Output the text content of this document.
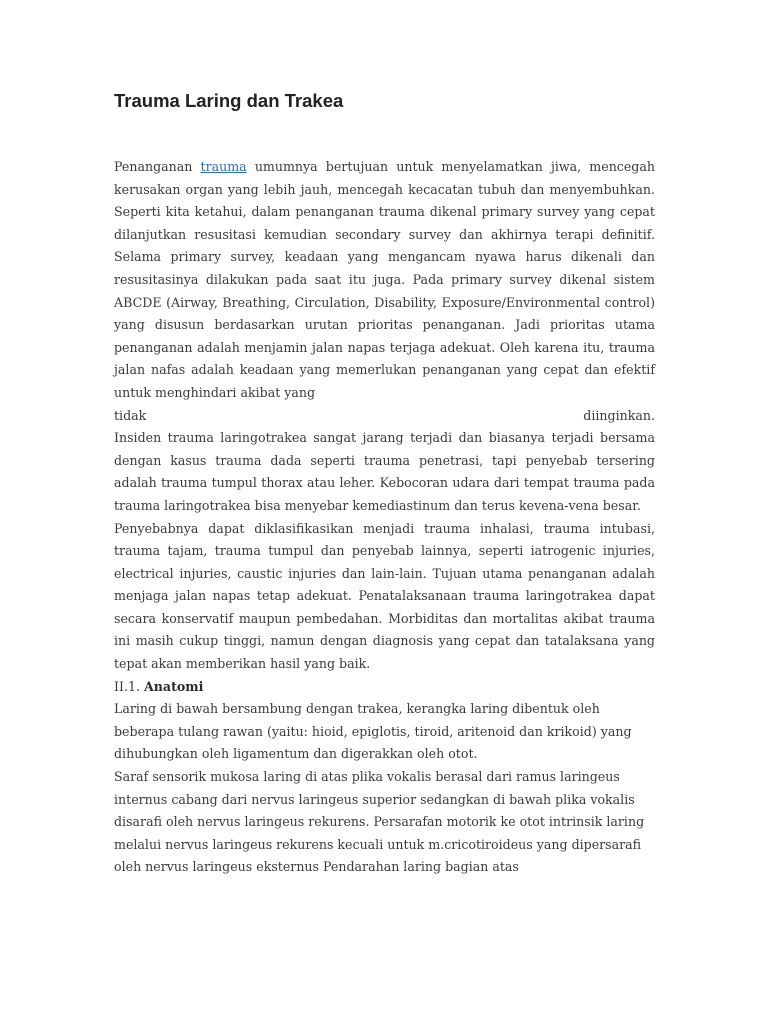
Trauma Laring dan Trakea

Penanganan trauma umumnya bertujuan untuk menyelamatkan jiwa, mencegah kerusakan organ yang lebih jauh, mencegah kecacatan tubuh dan menyembuhkan. Seperti kita ketahui, dalam penanganan trauma dikenal primary survey yang cepat dilanjutkan resusitasi kemudian secondary survey dan akhirnya terapi definitif. Selama primary survey, keadaan yang mengancam nyawa harus dikenali dan resusitasinya dilakukan pada saat itu juga. Pada primary survey dikenal sistem ABCDE (Airway, Breathing, Circulation, Disability, Exposure/Environmental control) yang disusun berdasarkan urutan prioritas penanganan. Jadi prioritas utama penanganan adalah menjamin jalan napas terjaga adekuat. Oleh karena itu, trauma jalan nafas adalah keadaan yang memerlukan penanganan yang cepat dan efektif untuk menghindari akibat yang

tidak diinginkan.

Insiden trauma laringotrakea sangat jarang terjadi dan biasanya terjadi bersama dengan kasus trauma dada seperti trauma penetrasi, tapi penyebab tersering adalah trauma tumpul thorax atau leher. Kebocoran udara dari tempat trauma pada trauma laringotrakea bisa menyebar kemediastinum dan terus kevena-vena besar.

Penyebabnya dapat diklasifikasikan menjadi trauma inhalasi, trauma intubasi, trauma tajam, trauma tumpul dan penyebab lainnya, seperti iatrogenic injuries, electrical injuries, caustic injuries dan lain-lain. Tujuan utama penanganan adalah menjaga jalan napas tetap adekuat. Penatalaksanaan trauma laringotrakea dapat secara konservatif maupun pembedahan. Morbiditas dan mortalitas akibat trauma ini masih cukup tinggi, namun dengan diagnosis yang cepat dan tatalaksana yang tepat akan memberikan hasil yang baik.

II.1. Anatomi

Laring di bawah bersambung dengan trakea, kerangka laring dibentuk oleh beberapa tulang rawan (yaitu: hioid, epiglotis, tiroid, aritenoid dan krikoid) yang dihubungkan oleh ligamentum dan digerakkan oleh otot.

Saraf sensorik mukosa laring di atas plika vokalis berasal dari ramus laringeus internus cabang dari nervus laringeus superior sedangkan di bawah plika vokalis disarafi oleh nervus laringeus rekurens. Persarafan motorik ke otot intrinsik laring melalui nervus laringeus rekurens kecuali untuk m.cricotiroideus yang dipersarafi oleh nervus laringeus eksternus Pendarahan laring bagian atas
